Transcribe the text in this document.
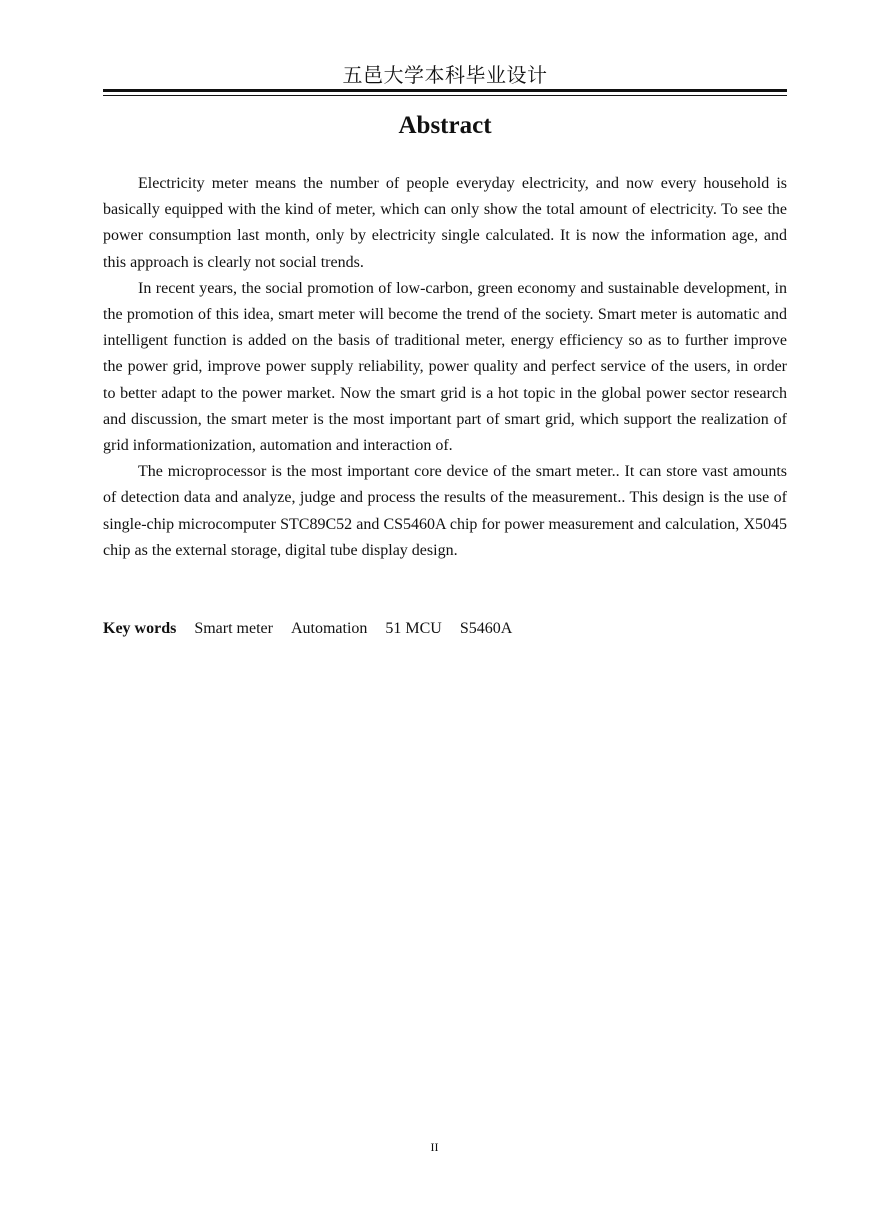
五邑大学本科毕业设计
Abstract

Electricity meter means the number of people everyday electricity, and now every household is basically equipped with the kind of meter, which can only show the total amount of electricity. To see the power consumption last month, only by electricity single calculated. It is now the information age, and this approach is clearly not social trends.

In recent years, the social promotion of low-carbon, green economy and sustainable development, in the promotion of this idea, smart meter will become the trend of the society. Smart meter is automatic and intelligent function is added on the basis of traditional meter, energy efficiency so as to further improve the power grid, improve power supply reliability, power quality and perfect service of the users, in order to better adapt to the power market. Now the smart grid is a hot topic in the global power sector research and discussion, the smart meter is the most important part of smart grid, which support the realization of grid informationization, automation and interaction of.

The microprocessor is the most important core device of the smart meter.. It can store vast amounts of detection data and analyze, judge and process the results of the measurement.. This design is the use of single-chip microcomputer STC89C52 and CS5460A chip for power measurement and calculation, X5045 chip as the external storage, digital tube display design.

Key words Smart meter Automation 51 MCU S5460A
II
